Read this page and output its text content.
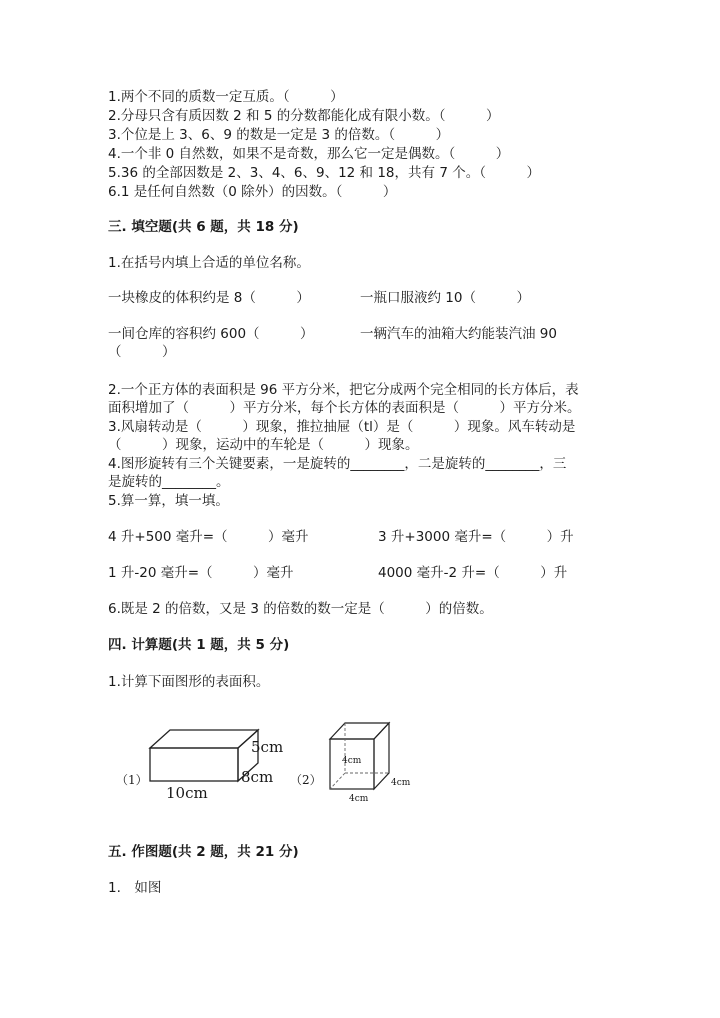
1.两个不同的质数一定互质。（　　　）

2.分母只含有质因数 2 和 5 的分数都能化成有限小数。（　　　）

3.个位是上 3、6、9 的数是一定是 3 的倍数。（　　　）

4.一个非 0 自然数，如果不是奇数，那么它一定是偶数。（　　　）

5.36 的全部因数是 2、3、4、6、9、12 和 18，共有 7 个。（　　　）

6.1 是任何自然数（0 除外）的因数。（　　　）

三. 填空题(共 6 题，共 18 分)

1.在括号内填上合适的单位名称。

一块橡皮的体积约是 8（　　　）	一瓶口服液约 10（　　　）
一间仓库的容积约 600（　　　）	一辆汽车的油箱大约能装汽油 90
（　　　）

2.一个正方体的表面积是 96 平方分米，把它分成两个完全相同的长方体后，表

面积增加了（　　　）平方分米，每个长方体的表面积是（　　　）平方分米。

3.风扇转动是（　　　）现象，推拉抽屉（tl）是（　　　）现象。风车转动是

（　　　）现象，运动中的车轮是（　　　）现象。

4.图形旋转有三个关键要素，一是旋转的________，二是旋转的________，三

是旋转的________。

5.算一算，填一填。

4 升+500 毫升=（　　　）毫升	3 升+3000 毫升=（　　　）升
1 升-20 毫升=（　　　）毫升	4000 毫升-2 升=（　　　）升

6.既是 2 的倍数，又是 3 的倍数的数一定是（　　　）的倍数。

四. 计算题(共 1 题，共 5 分)

1.计算下面图形的表面积。

（1）
5cm
8cm
10cm
（2）
4cm
4cm
4cm

五. 作图题(共 2 题，共 21 分)

1.　如图
